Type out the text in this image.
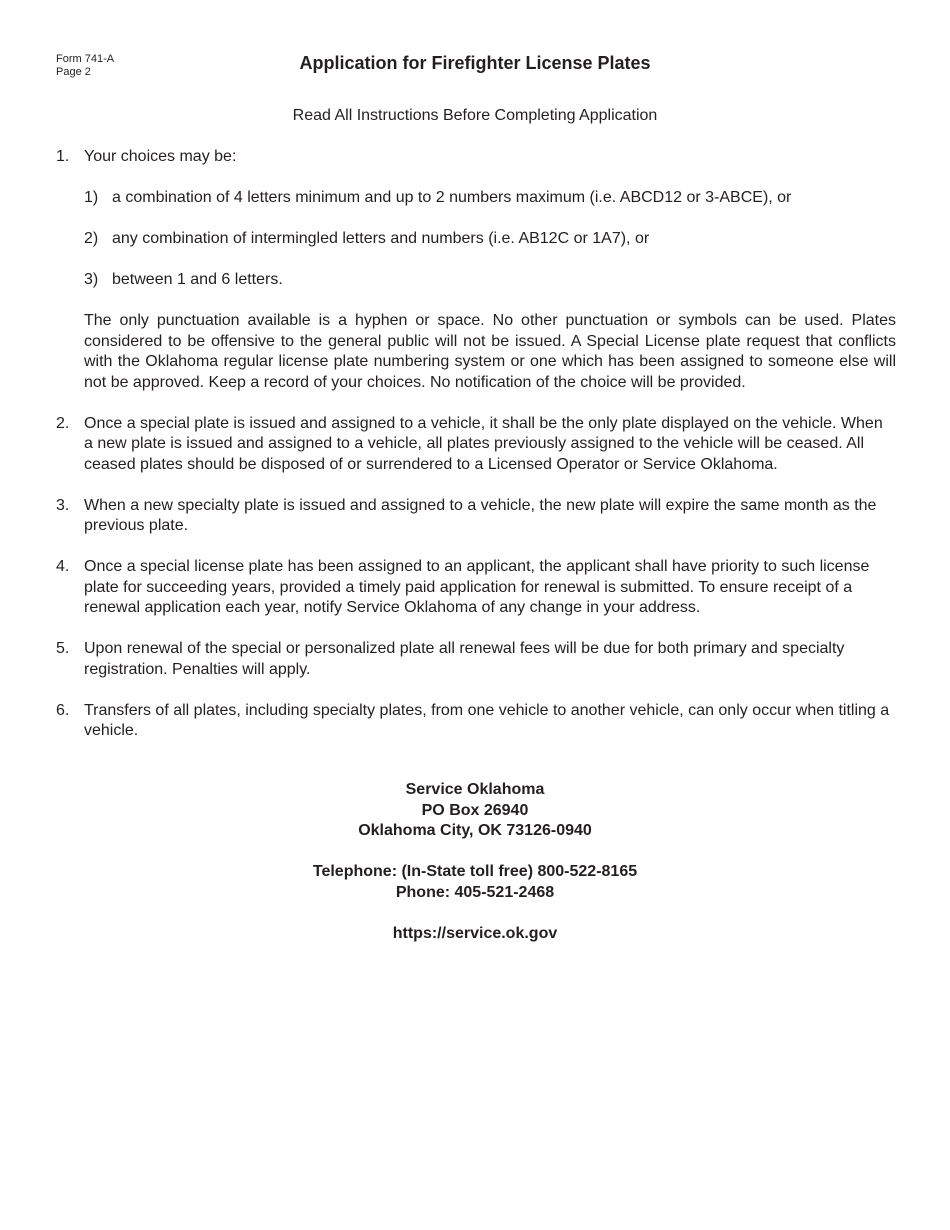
Form 741-A
Page 2	Application for Firefighter License Plates
Read All Instructions Before Completing Application
1. Your choices may be:
1) a combination of 4 letters minimum and up to 2 numbers maximum (i.e. ABCD12 or 3-ABCE), or
2) any combination of intermingled letters and numbers (i.e. AB12C or 1A7), or
3) between 1 and 6 letters.
The only punctuation available is a hyphen or space. No other punctuation or symbols can be used. Plates considered to be offensive to the general public will not be issued. A Special License plate request that conflicts with the Oklahoma regular license plate numbering system or one which has been assigned to someone else will not be approved. Keep a record of your choices. No notification of the choice will be provided.
2. Once a special plate is issued and assigned to a vehicle, it shall be the only plate displayed on the vehicle. When a new plate is issued and assigned to a vehicle, all plates previously assigned to the vehicle will be ceased. All ceased plates should be disposed of or surrendered to a Licensed Operator or Service Oklahoma.
3. When a new specialty plate is issued and assigned to a vehicle, the new plate will expire the same month as the previous plate.
4. Once a special license plate has been assigned to an applicant, the applicant shall have priority to such license plate for succeeding years, provided a timely paid application for renewal is submitted. To ensure receipt of a renewal application each year, notify Service Oklahoma of any change in your address.
5. Upon renewal of the special or personalized plate all renewal fees will be due for both primary and specialty registration. Penalties will apply.
6. Transfers of all plates, including specialty plates, from one vehicle to another vehicle, can only occur when titling a vehicle.
Service Oklahoma
PO Box 26940
Oklahoma City, OK 73126-0940
Telephone: (In-State toll free) 800-522-8165
Phone: 405-521-2468
https://service.ok.gov
